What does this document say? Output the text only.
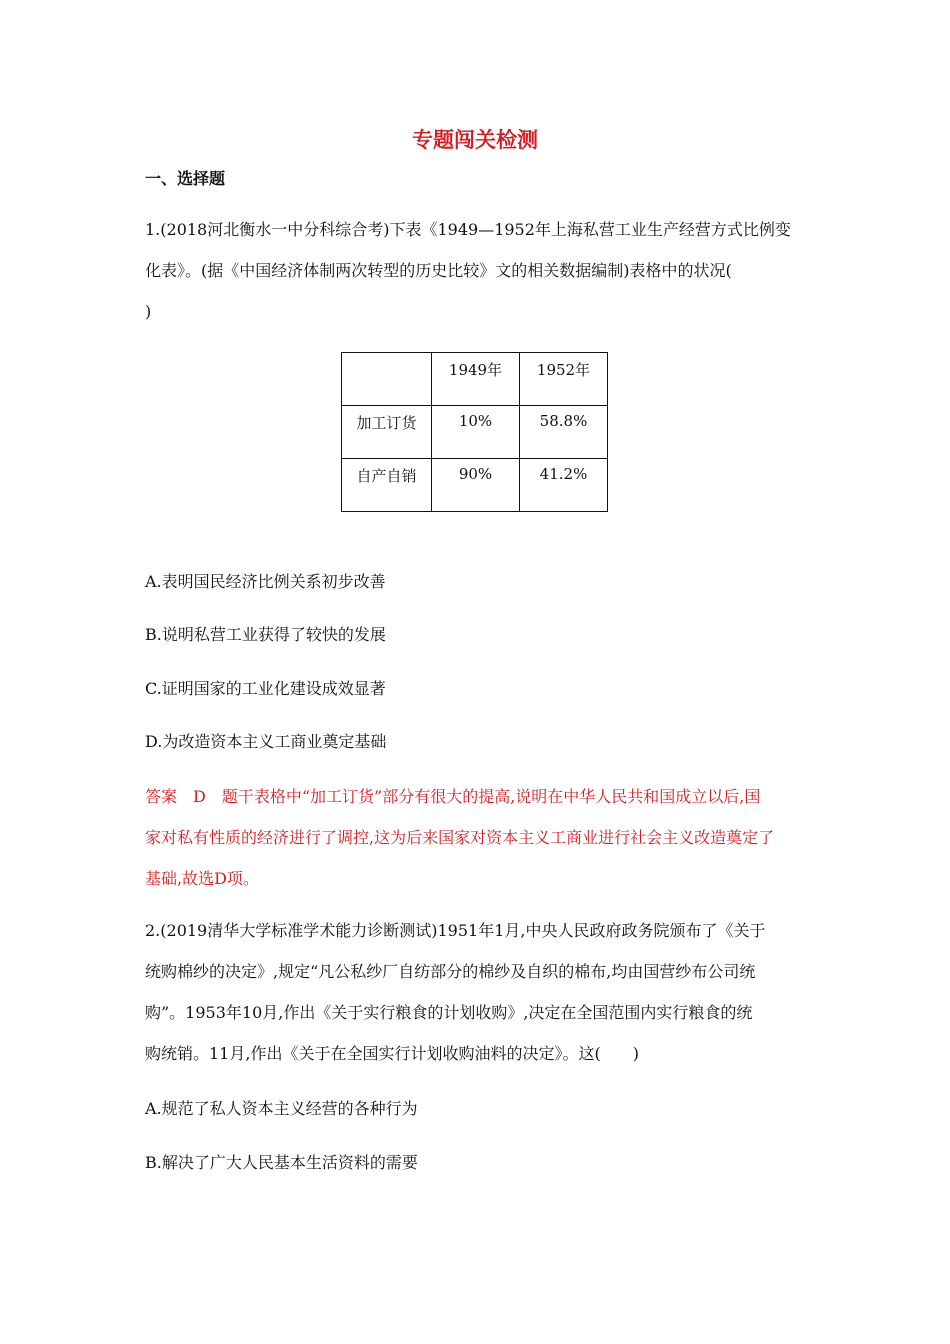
专题闯关检测
一、选择题
1.(2018河北衡水一中分科综合考)下表《1949—1952年上海私营工业生产经营方式比例变
化表》。(据《中国经济体制两次转型的历史比较》文的相关数据编制)表格中的状况(
)
	1949年	1952年
加工订货	10%	58.8%
自产自销	90%	41.2%
A.表明国民经济比例关系初步改善
B.说明私营工业获得了较快的发展
C.证明国家的工业化建设成效显著
D.为改造资本主义工商业奠定基础
答案　D　题干表格中“加工订货”部分有很大的提高,说明在中华人民共和国成立以后,国
家对私有性质的经济进行了调控,这为后来国家对资本主义工商业进行社会主义改造奠定了
基础,故选D项。
2.(2019清华大学标准学术能力诊断测试)1951年1月,中央人民政府政务院颁布了《关于
统购棉纱的决定》,规定“凡公私纱厂自纺部分的棉纱及自织的棉布,均由国营纱布公司统
购”。1953年10月,作出《关于实行粮食的计划收购》,决定在全国范围内实行粮食的统
购统销。11月,作出《关于在全国实行计划收购油料的决定》。这(　　)
A.规范了私人资本主义经营的各种行为
B.解决了广大人民基本生活资料的需要
